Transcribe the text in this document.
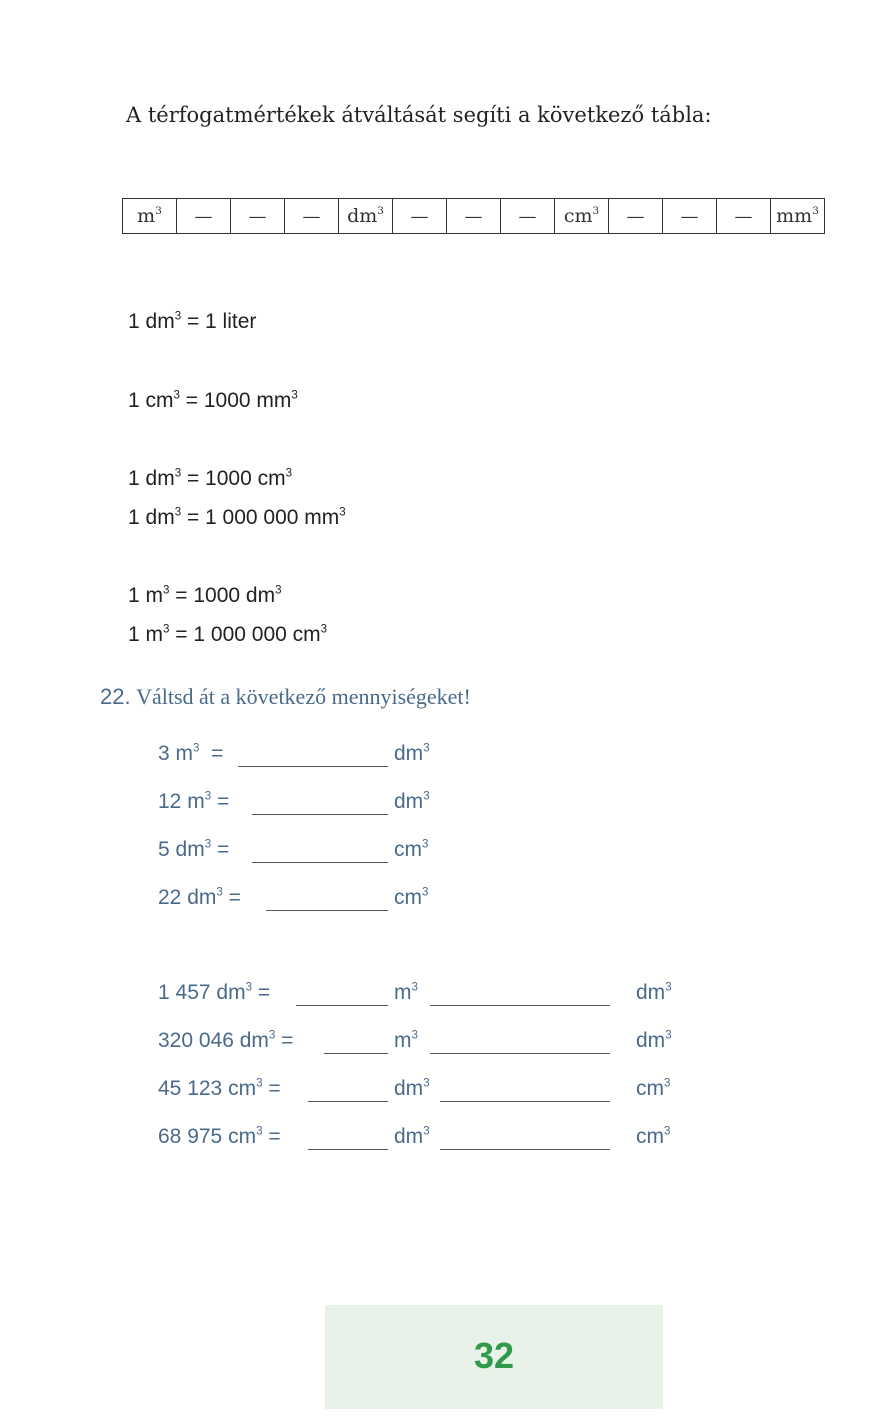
A térfogatmértékek átváltását segíti a következő tábla:
$m^3$	—	—	—	$dm^3$	—	—	—	$cm^3$	—	—	—	$mm^3$
1 $dm^3 = 1$ liter
1 $cm^3 = 1000$ $mm^3$
1 $dm^3 = 1000$ $cm^3$
1 $dm^3 = 1$ 000 000 $mm^3$
1 $m^3 = 1000$ $dm^3$
1 $m^3 = 1$ 000 000 $cm^3$
22. Váltsd át a következő mennyiségeket!
3 $m^3$  =	$dm^3$
12 $m^3$ =	$dm^3$
5 $dm^3$ =	$cm^3$
22 $dm^3$ =	$cm^3$
1 457 $dm^3$ =	$m^3$	$dm^3$
320 046 $dm^3$ =	$m^3$	$dm^3$
45 123 $cm^3$ =	$dm^3$	$cm^3$
68 975 $cm^3$ =	$dm^3$	$cm^3$
32
